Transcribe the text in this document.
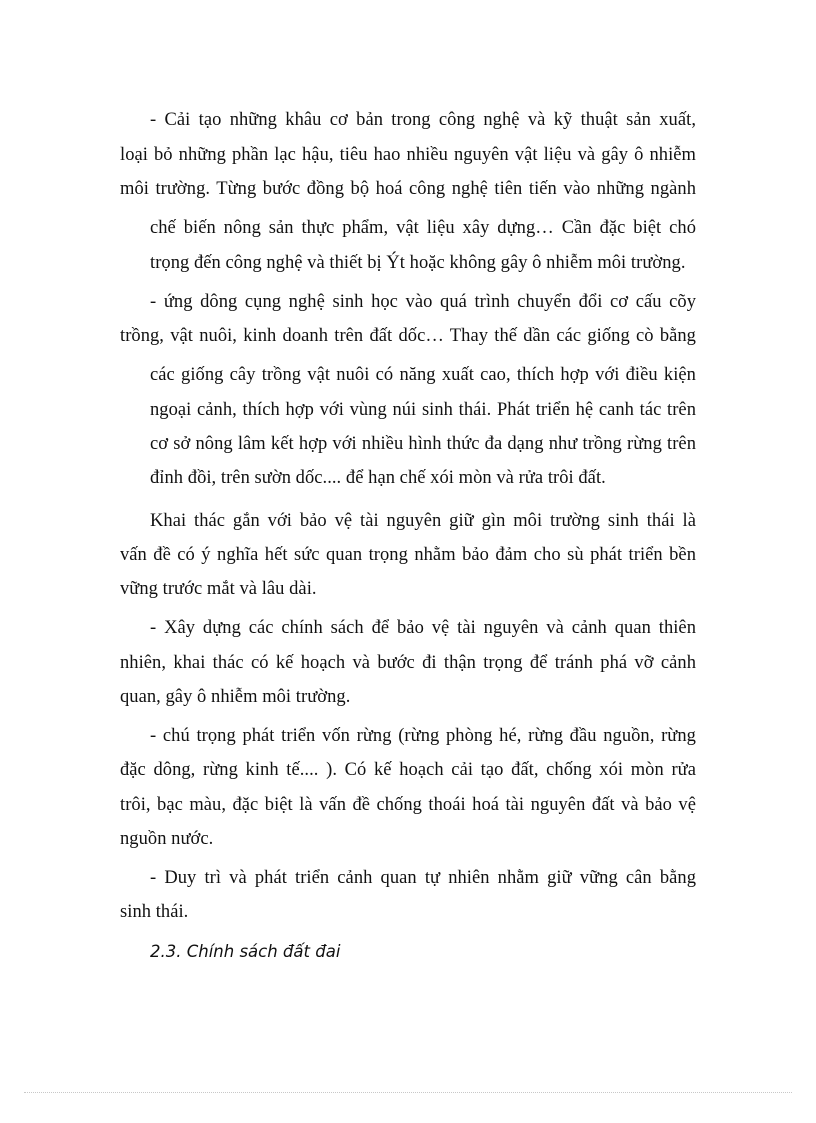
- Cải tạo những khâu cơ bản trong công nghệ và kỹ thuật sản xuất,
loại bỏ những phần lạc hậu, tiêu hao nhiều nguyên vật liệu và gây ô nhiễm
môi trường. Từng bước đồng bộ hoá công nghệ tiên tiến vào những ngành
chế biến nông sản thực phẩm, vật liệu xây dựng… Cần đặc biệt chó
trọng đến công nghệ và thiết bị Ýt hoặc không gây ô nhiễm môi trường.
- ứng dông cụng nghệ sinh học vào quá trình chuyển đổi cơ cấu cõy
trồng, vật nuôi, kinh doanh trên đất dốc… Thay thế dần các giống cò bằng
các giống cây trồng vật nuôi có năng xuất cao, thích hợp với điều kiện
ngoại cảnh, thích hợp với vùng núi sinh thái. Phát triển hệ canh tác trên
cơ sở nông lâm kết hợp với nhiều hình thức đa dạng như trồng rừng trên
đỉnh đồi, trên sườn dốc.... để hạn chế xói mòn và rửa trôi đất.
Khai thác gắn với bảo vệ tài nguyên giữ gìn môi trường sinh thái là
vấn đề có ý nghĩa hết sức quan trọng nhằm bảo đảm cho sù phát triển bền
vững trước mắt và lâu dài.
- Xây dựng các chính sách để bảo vệ tài nguyên và cảnh quan thiên
nhiên, khai thác có kế hoạch và bước đi thận trọng để tránh phá vỡ cảnh
quan, gây ô nhiễm môi trường.
- chú trọng phát triển vốn rừng (rừng phòng hé, rừng đầu nguồn, rừng
đặc dông, rừng kinh tế.... ). Có kế hoạch cải tạo đất, chống xói mòn rửa
trôi, bạc màu, đặc biệt là vấn đề chống thoái hoá tài nguyên đất và bảo vệ
nguồn nước.
- Duy trì và phát triển cảnh quan tự nhiên nhằm giữ vững cân bằng
sinh thái.
2.3. Chính sách đất đai
